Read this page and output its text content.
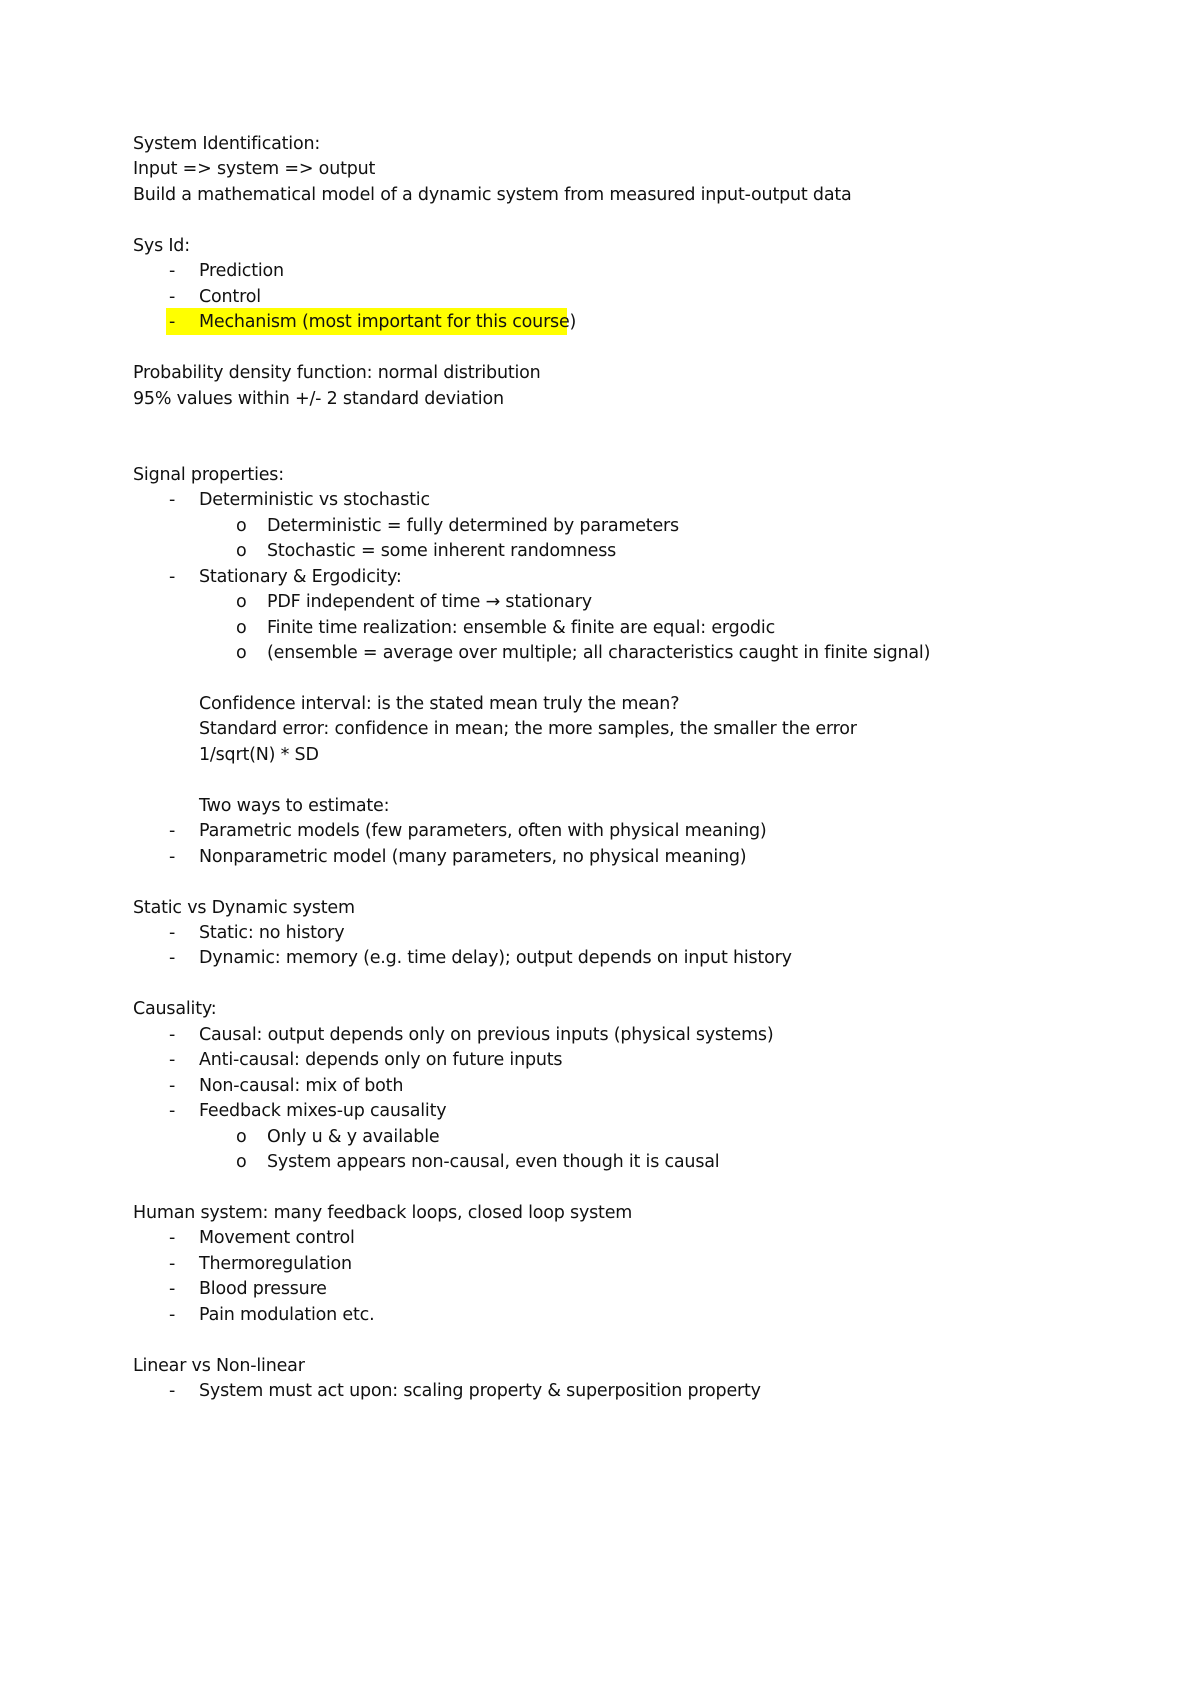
System Identification:
Input => system => output
Build a mathematical model of a dynamic system from measured input-output data
Sys Id:
- Prediction
- Control
- Mechanism (most important for this course)
Probability density function: normal distribution
95% values within +/- 2 standard deviation
Signal properties:
- Deterministic vs stochastic
o Deterministic = fully determined by parameters
o Stochastic = some inherent randomness
- Stationary & Ergodicity:
o PDF independent of time → stationary
o Finite time realization: ensemble & finite are equal: ergodic
o (ensemble = average over multiple; all characteristics caught in finite signal)
Confidence interval: is the stated mean truly the mean?
Standard error: confidence in mean; the more samples, the smaller the error
1/sqrt(N) * SD
Two ways to estimate:
- Parametric models (few parameters, often with physical meaning)
- Nonparametric model (many parameters, no physical meaning)
Static vs Dynamic system
- Static: no history
- Dynamic: memory (e.g. time delay); output depends on input history
Causality:
- Causal: output depends only on previous inputs (physical systems)
- Anti-causal: depends only on future inputs
- Non-causal: mix of both
- Feedback mixes-up causality
o Only u & y available
o System appears non-causal, even though it is causal
Human system: many feedback loops, closed loop system
- Movement control
- Thermoregulation
- Blood pressure
- Pain modulation etc.
Linear vs Non-linear
- System must act upon: scaling property & superposition property
